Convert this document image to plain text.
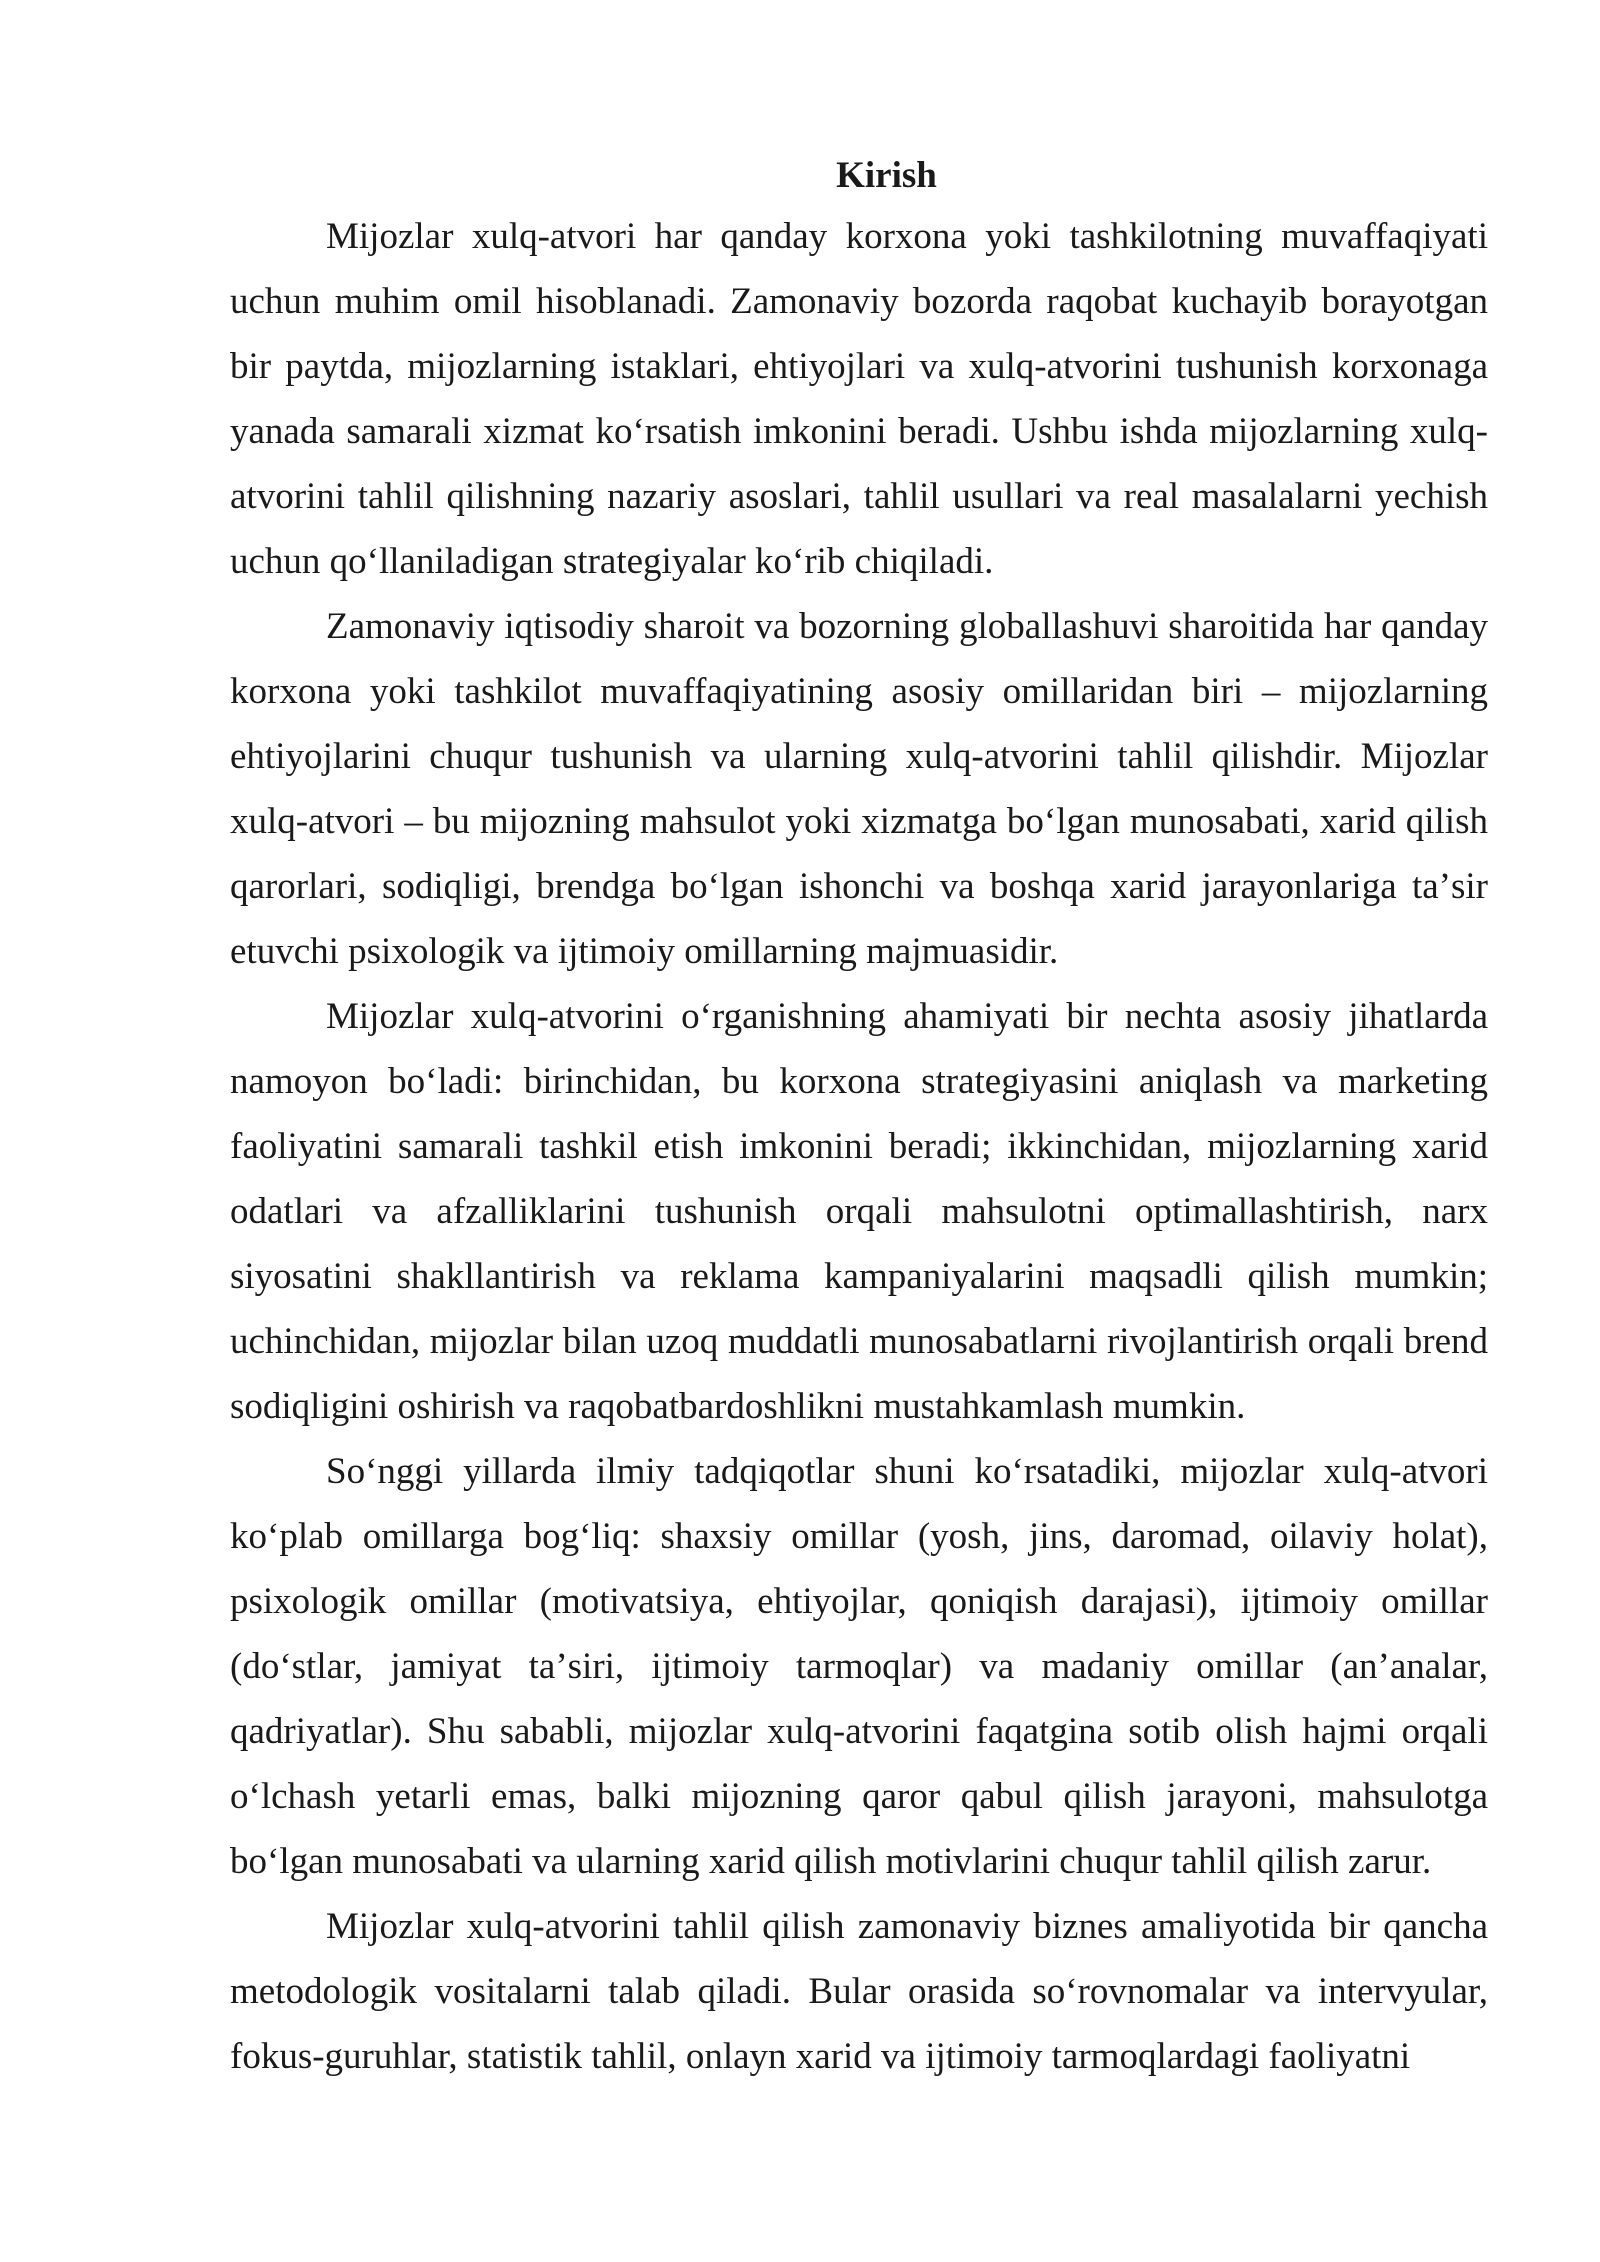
Kirish

Mijozlar xulq-atvori har qanday korxona yoki tashkilotning muvaffaqiyati uchun muhim omil hisoblanadi. Zamonaviy bozorda raqobat kuchayib borayotgan bir paytda, mijozlarning istaklari, ehtiyojlari va xulq-atvorini tushunish korxonaga yanada samarali xizmat koʻrsatish imkonini beradi. Ushbu ishda mijozlarning xulq-atvorini tahlil qilishning nazariy asoslari, tahlil usullari va real masalalarni yechish uchun qoʻllaniladigan strategiyalar koʻrib chiqiladi.

Zamonaviy iqtisodiy sharoit va bozorning globallashuvi sharoitida har qanday korxona yoki tashkilot muvaffaqiyatining asosiy omillaridan biri – mijozlarning ehtiyojlarini chuqur tushunish va ularning xulq-atvorini tahlil qilishdir. Mijozlar xulq-atvori – bu mijozning mahsulot yoki xizmatga boʻlgan munosabati, xarid qilish qarorlari, sodiqligi, brendga boʻlgan ishonchi va boshqa xarid jarayonlariga taʼsir etuvchi psixologik va ijtimoiy omillarning majmuasidir.

Mijozlar xulq-atvorini oʻrganishning ahamiyati bir nechta asosiy jihatlarda namoyon boʻladi: birinchidan, bu korxona strategiyasini aniqlash va marketing faoliyatini samarali tashkil etish imkonini beradi; ikkinchidan, mijozlarning xarid odatlari va afzalliklarini tushunish orqali mahsulotni optimallashtirish, narx siyosatini shakllantirish va reklama kampaniyalarini maqsadli qilish mumkin; uchinchidan, mijozlar bilan uzoq muddatli munosabatlarni rivojlantirish orqali brend sodiqligini oshirish va raqobatbardoshlikni mustahkamlash mumkin.

Soʻnggi yillarda ilmiy tadqiqotlar shuni koʻrsatadiki, mijozlar xulq-atvori koʻplab omillarga bogʻliq: shaxsiy omillar (yosh, jins, daromad, oilaviy holat), psixologik omillar (motivatsiya, ehtiyojlar, qoniqish darajasi), ijtimoiy omillar (doʻstlar, jamiyat taʼsiri, ijtimoiy tarmoqlar) va madaniy omillar (anʼanalar, qadriyatlar). Shu sababli, mijozlar xulq-atvorini faqatgina sotib olish hajmi orqali oʻlchash yetarli emas, balki mijozning qaror qabul qilish jarayoni, mahsulotga boʻlgan munosabati va ularning xarid qilish motivlarini chuqur tahlil qilish zarur.

Mijozlar xulq-atvorini tahlil qilish zamonaviy biznes amaliyotida bir qancha metodologik vositalarni talab qiladi. Bular orasida soʻrovnomalar va intervyular, fokus-guruhlar, statistik tahlil, onlayn xarid va ijtimoiy tarmoqlardagi faoliyatni
